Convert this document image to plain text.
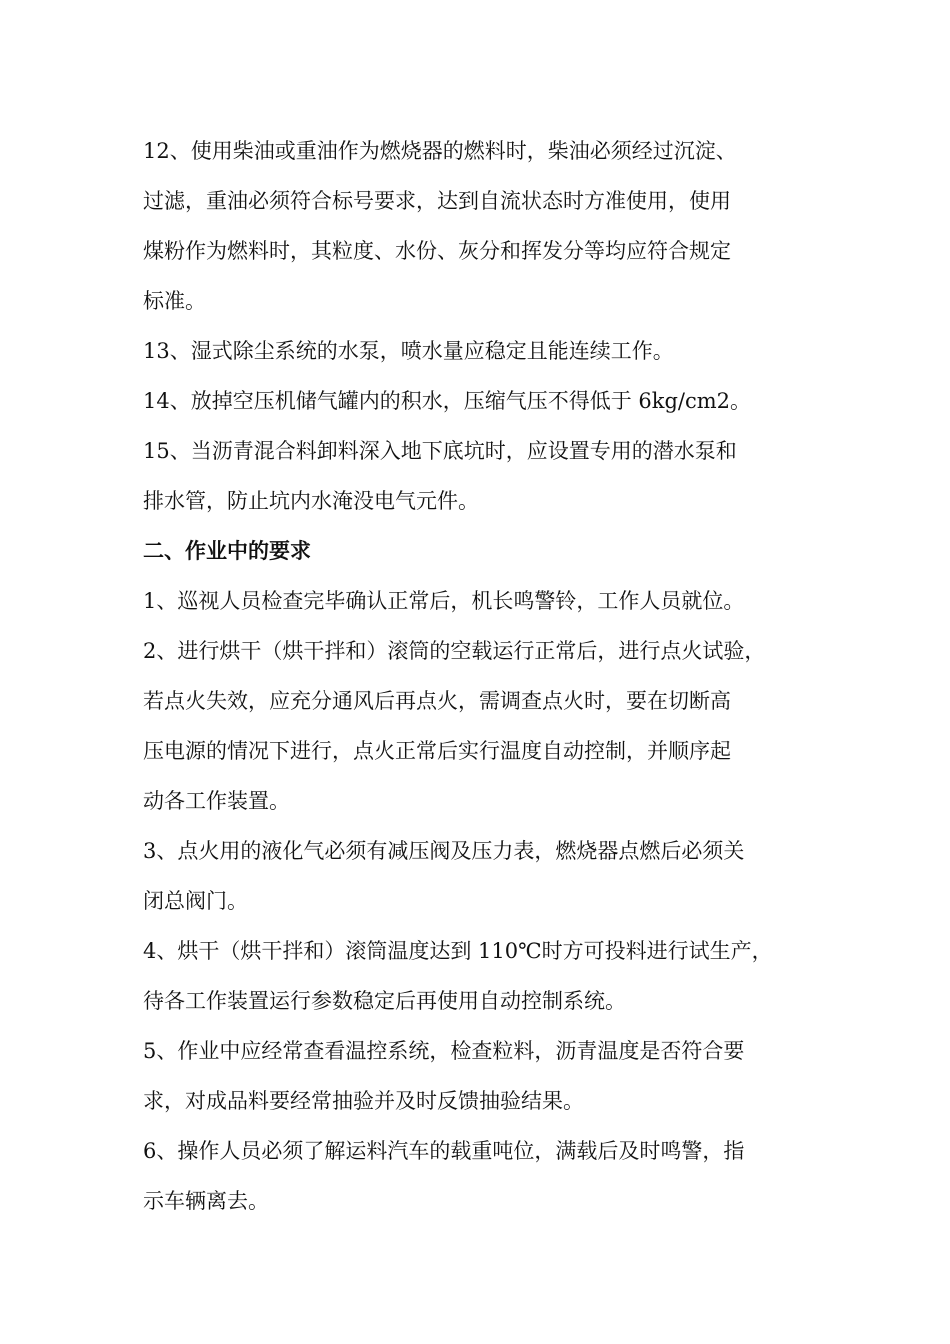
12、使用柴油或重油作为燃烧器的燃料时，柴油必须经过沉淀、
过滤，重油必须符合标号要求，达到自流状态时方准使用，使用
煤粉作为燃料时，其粒度、水份、灰分和挥发分等均应符合规定
标准。
13、湿式除尘系统的水泵，喷水量应稳定且能连续工作。
14、放掉空压机储气罐内的积水，压缩气压不得低于 6kg/cm2。
15、当沥青混合料卸料深入地下底坑时，应设置专用的潜水泵和
排水管，防止坑内水淹没电气元件。
二、作业中的要求
1、巡视人员检查完毕确认正常后，机长鸣警铃，工作人员就位。
2、进行烘干（烘干拌和）滚筒的空载运行正常后，进行点火试验，
若点火失效，应充分通风后再点火，需调查点火时，要在切断高
压电源的情况下进行，点火正常后实行温度自动控制，并顺序起
动各工作装置。
3、点火用的液化气必须有减压阀及压力表，燃烧器点燃后必须关
闭总阀门。
4、烘干（烘干拌和）滚筒温度达到 110℃时方可投料进行试生产，
待各工作装置运行参数稳定后再使用自动控制系统。
5、作业中应经常查看温控系统，检查粒料，沥青温度是否符合要
求，对成品料要经常抽验并及时反馈抽验结果。
6、操作人员必须了解运料汽车的载重吨位，满载后及时鸣警，指
示车辆离去。
